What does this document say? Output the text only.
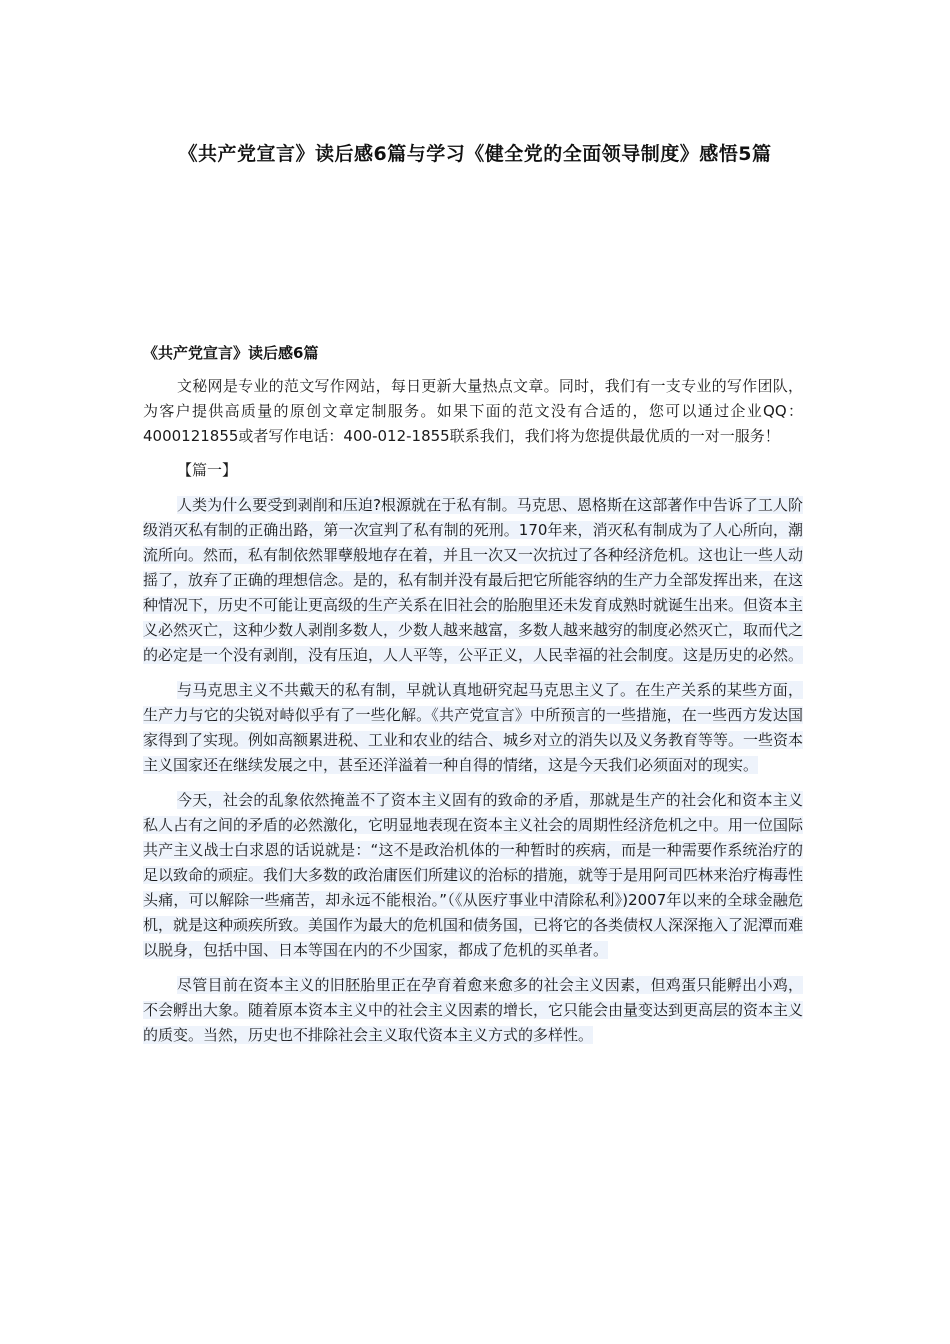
《共产党宣言》读后感6篇与学习《健全党的全面领导制度》感悟5篇
《共产党宣言》读后感6篇

文秘网是专业的范文写作网站，每日更新大量热点文章。同时，我们有一支专业的写作团队，为客户提供高质量的原创文章定制服务。如果下面的范文没有合适的，您可以通过企业QQ：4000121855或者写作电话：400-012-1855联系我们，我们将为您提供最优质的一对一服务！

【篇一】

人类为什么要受到剥削和压迫?根源就在于私有制。马克思、恩格斯在这部著作中告诉了工人阶级消灭私有制的正确出路，第一次宣判了私有制的死刑。170年来，消灭私有制成为了人心所向，潮流所向。然而，私有制依然罪孽般地存在着，并且一次又一次抗过了各种经济危机。这也让一些人动摇了，放弃了正确的理想信念。是的，私有制并没有最后把它所能容纳的生产力全部发挥出来，在这种情况下，历史不可能让更高级的生产关系在旧社会的胎胞里还未发育成熟时就诞生出来。但资本主义必然灭亡，这种少数人剥削多数人，少数人越来越富，多数人越来越穷的制度必然灭亡，取而代之的必定是一个没有剥削，没有压迫，人人平等，公平正义，人民幸福的社会制度。这是历史的必然。

与马克思主义不共戴天的私有制，早就认真地研究起马克思主义了。在生产关系的某些方面，生产力与它的尖锐对峙似乎有了一些化解。《共产党宣言》中所预言的一些措施，在一些西方发达国家得到了实现。例如高额累进税、工业和农业的结合、城乡对立的消失以及义务教育等等。一些资本主义国家还在继续发展之中，甚至还洋溢着一种自得的情绪，这是今天我们必须面对的现实。

今天，社会的乱象依然掩盖不了资本主义固有的致命的矛盾，那就是生产的社会化和资本主义私人占有之间的矛盾的必然激化，它明显地表现在资本主义社会的周期性经济危机之中。用一位国际共产主义战士白求恩的话说就是：“这不是政治机体的一种暂时的疾病，而是一种需要作系统治疗的足以致命的顽症。我们大多数的政治庸医们所建议的治标的措施，就等于是用阿司匹林来治疗梅毒性头痛，可以解除一些痛苦，却永远不能根治。”（《从医疗事业中清除私利》)2007年以来的全球金融危机，就是这种顽疾所致。美国作为最大的危机国和债务国，已将它的各类债权人深深拖入了泥潭而难以脱身，包括中国、日本等国在内的不少国家，都成了危机的买单者。

尽管目前在资本主义的旧胚胎里正在孕育着愈来愈多的社会主义因素，但鸡蛋只能孵出小鸡，不会孵出大象。随着原本资本主义中的社会主义因素的增长，它只能会由量变达到更高层的资本主义的质变。当然，历史也不排除社会主义取代资本主义方式的多样性。
